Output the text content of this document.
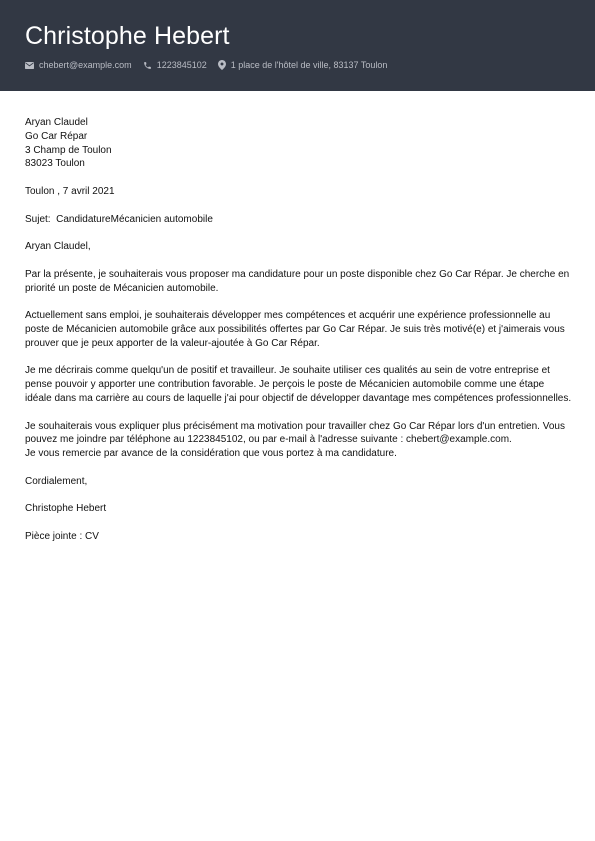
Christophe Hebert
chebert@example.com	1223845102	1 place de l'hôtel de ville, 83137 Toulon
Aryan Claudel
Go Car Répar
3 Champ de Toulon
83023 Toulon
Toulon , 7 avril 2021
Sujet:  CandidatureMécanicien automobile
Aryan Claudel,

Par la présente, je souhaiterais vous proposer ma candidature pour un poste disponible chez Go Car Répar. Je cherche en priorité un poste de Mécanicien automobile.

Actuellement sans emploi, je souhaiterais développer mes compétences et acquérir une expérience professionnelle au poste de Mécanicien automobile grâce aux possibilités offertes par Go Car Répar. Je suis très motivé(e) et j'aimerais vous prouver que je peux apporter de la valeur-ajoutée à Go Car Répar.

Je me décrirais comme quelqu'un de positif et travailleur. Je souhaite utiliser ces qualités au sein de votre entreprise et pense pouvoir y apporter une contribution favorable. Je perçois le poste de Mécanicien automobile comme une étape idéale dans ma carrière au cours de laquelle j'ai pour objectif de développer davantage mes compétences professionnelles.

Je souhaiterais vous expliquer plus précisément ma motivation pour travailler chez Go Car Répar lors d'un entretien. Vous pouvez me joindre par téléphone au 1223845102, ou par e-mail à l'adresse suivante : chebert@example.com.

Je vous remercie par avance de la considération que vous portez à ma candidature.

Cordialement,
Christophe Hebert
Pièce jointe : CV
